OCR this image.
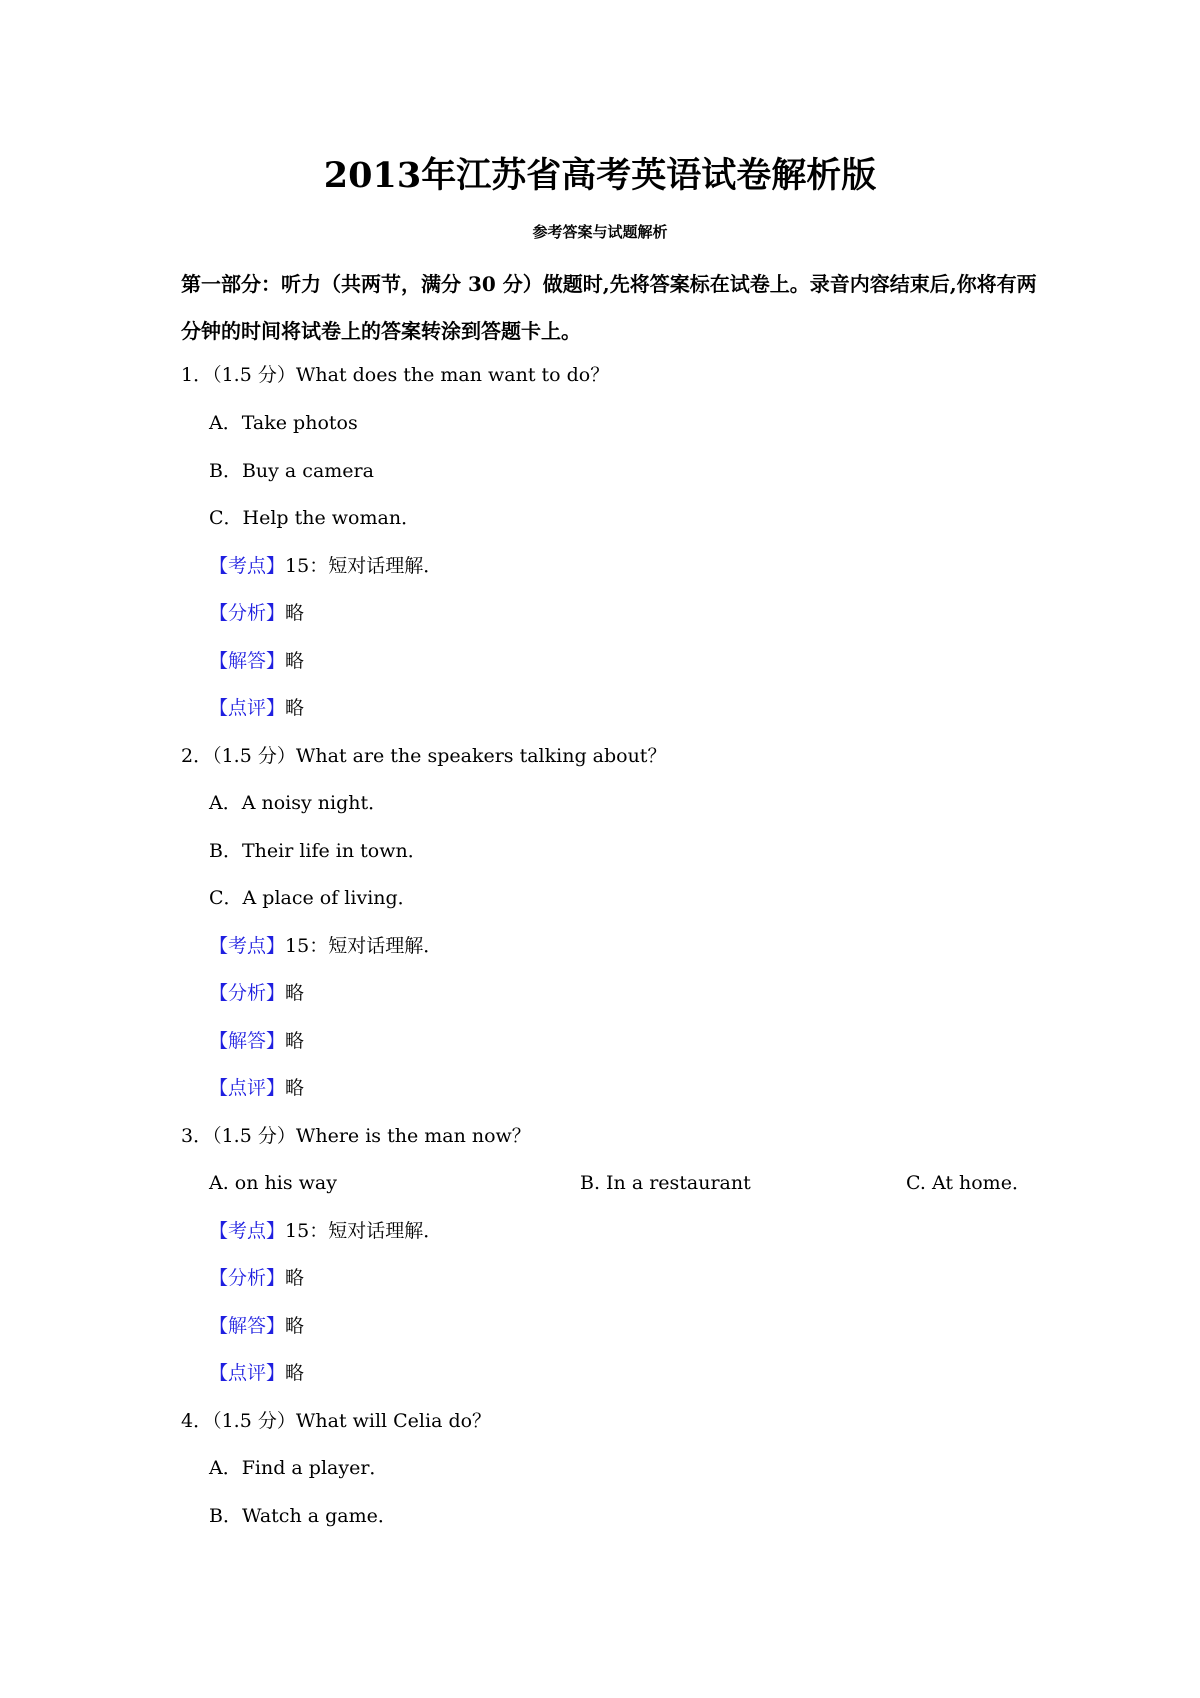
2013年江苏省高考英语试卷解析版
参考答案与试题解析
第一部分：听力（共两节，满分 30 分）做题时,先将答案标在试卷上。录音内容结束后,你将有两分钟的时间将试卷上的答案转涂到答题卡上。
1．（1.5 分）What does the man want to do？
A．Take photos
B．Buy a camera
C．Help the woman．
【考点】15：短对话理解．
【分析】略
【解答】略
【点评】略
2．（1.5 分）What are the speakers talking about？
A．A noisy night．
B．Their life in town．
C．A place of living．
【考点】15：短对话理解．
【分析】略
【解答】略
【点评】略
3．（1.5 分）Where is the man now？
A. on his way	B. In a restaurant	C. At home．
【考点】15：短对话理解．
【分析】略
【解答】略
【点评】略
4．（1.5 分）What will Celia do？
A．Find a player．
B．Watch a game．
